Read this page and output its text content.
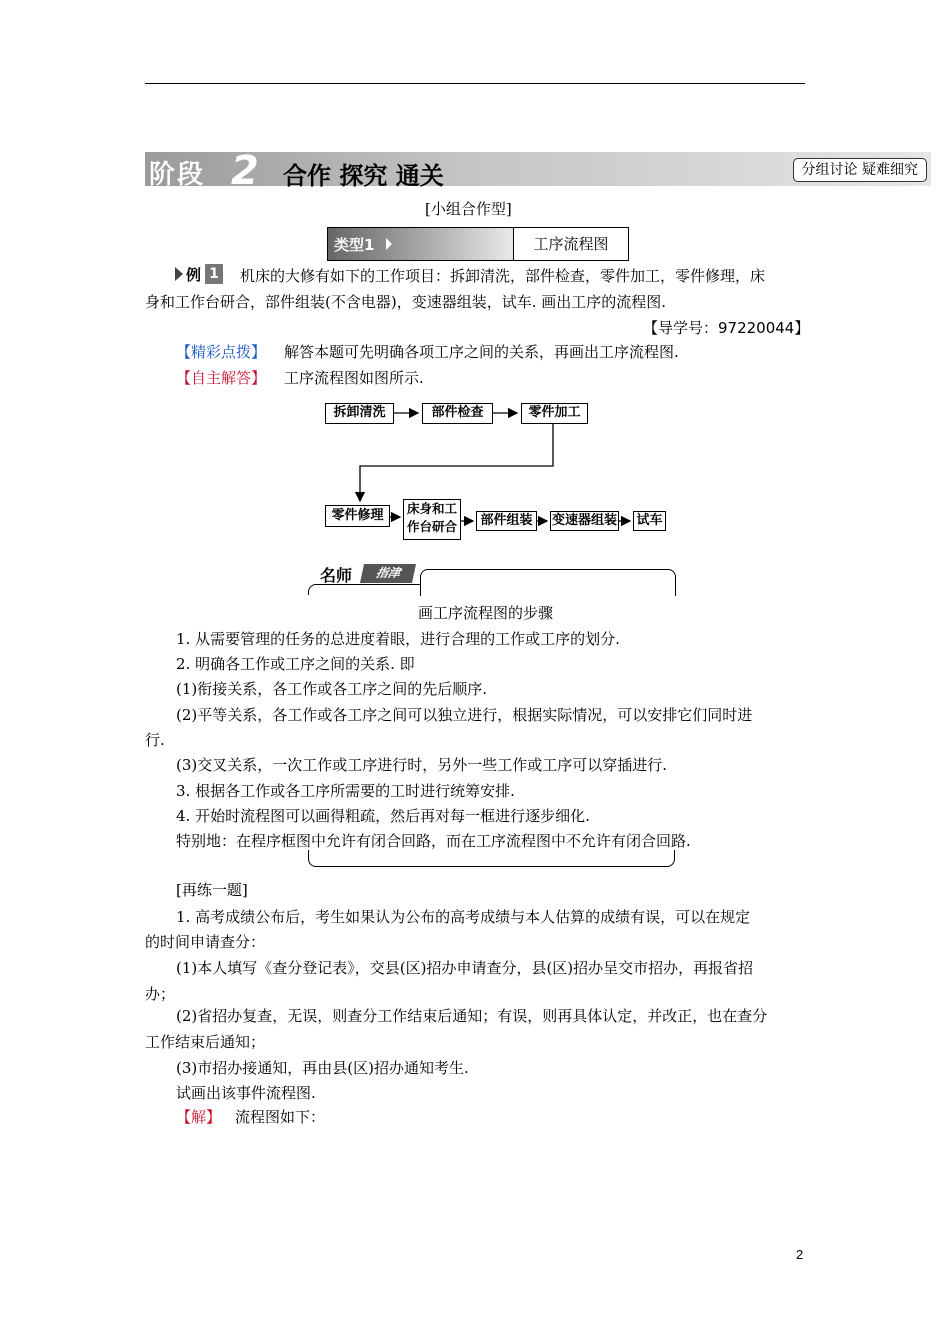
阶段 2 合作 探究 通关	分组讨论 疑难细究
[小组合作型]
类型1	工序流程图
例 1 机床的大修有如下的工作项目：拆卸清洗，部件检查，零件加工，零件修理，床
身和工作台研合，部件组装(不含电器)，变速器组装，试车. 画出工序的流程图.
【导学号：97220044】
【精彩点拨】 解答本题可先明确各项工序之间的关系，再画出工序流程图.
【自主解答】 工序流程图如图所示.
拆卸清洗	部件检查	零件加工
零件修理	床身和工
作台研合	部件组装	变速器组装 试车
名师	指津
画工序流程图的步骤
1. 从需要管理的任务的总进度着眼，进行合理的工作或工序的划分.
2. 明确各工作或工序之间的关系. 即
(1)衔接关系，各工作或各工序之间的先后顺序.
(2)平等关系，各工作或各工序之间可以独立进行，根据实际情况，可以安排它们同时进
行.
(3)交叉关系，一次工作或工序进行时，另外一些工作或工序可以穿插进行.
3. 根据各工作或各工序所需要的工时进行统筹安排.
4. 开始时流程图可以画得粗疏，然后再对每一框进行逐步细化.
特别地：在程序框图中允许有闭合回路，而在工序流程图中不允许有闭合回路.
[再练一题]
1. 高考成绩公布后，考生如果认为公布的高考成绩与本人估算的成绩有误，可以在规定
的时间申请查分：
(1)本人填写《查分登记表》，交县(区)招办申请查分，县(区)招办呈交市招办，再报省招
办；
(2)省招办复查，无误，则查分工作结束后通知；有误，则再具体认定，并改正，也在查分
工作结束后通知；
(3)市招办接通知，再由县(区)招办通知考生.
试画出该事件流程图.
【解】 流程图如下：
2
